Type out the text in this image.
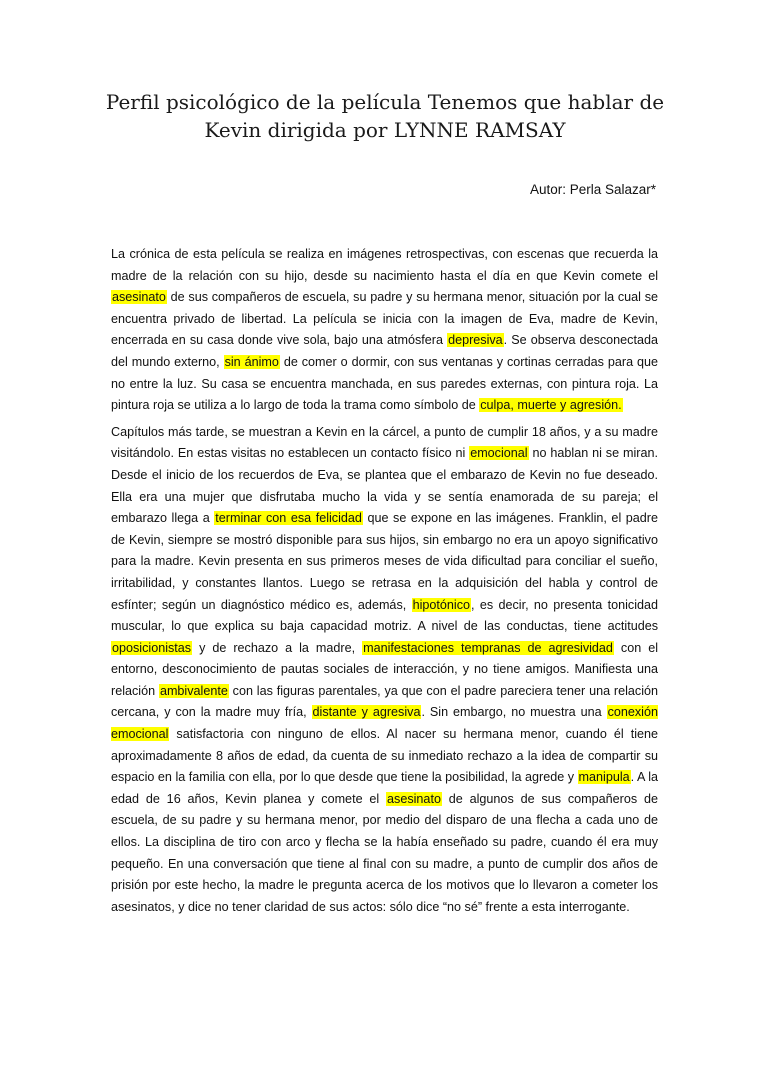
Perfil psicológico de la película Tenemos que hablar de Kevin dirigida por LYNNE RAMSAY
Autor: Perla Salazar*

La crónica de esta película se realiza en imágenes retrospectivas, con escenas que recuerda la madre de la relación con su hijo, desde su nacimiento hasta el día en que Kevin comete el asesinato de sus compañeros de escuela, su padre y su hermana menor, situación por la cual se encuentra privado de libertad. La película se inicia con la imagen de Eva, madre de Kevin, encerrada en su casa donde vive sola, bajo una atmósfera depresiva. Se observa desconectada del mundo externo, sin ánimo de comer o dormir, con sus ventanas y cortinas cerradas para que no entre la luz. Su casa se encuentra manchada, en sus paredes externas, con pintura roja. La pintura roja se utiliza a lo largo de toda la trama como símbolo de culpa, muerte y agresión.

Capítulos más tarde, se muestran a Kevin en la cárcel, a punto de cumplir 18 años, y a su madre visitándolo. En estas visitas no establecen un contacto físico ni emocional no hablan ni se miran. Desde el inicio de los recuerdos de Eva, se plantea que el embarazo de Kevin no fue deseado. Ella era una mujer que disfrutaba mucho la vida y se sentía enamorada de su pareja; el embarazo llega a terminar con esa felicidad que se expone en las imágenes. Franklin, el padre de Kevin, siempre se mostró disponible para sus hijos, sin embargo no era un apoyo significativo para la madre. Kevin presenta en sus primeros meses de vida dificultad para conciliar el sueño, irritabilidad, y constantes llantos. Luego se retrasa en la adquisición del habla y control de esfínter; según un diagnóstico médico es, además, hipotónico, es decir, no presenta tonicidad muscular, lo que explica su baja capacidad motriz. A nivel de las conductas, tiene actitudes oposicionistas y de rechazo a la madre, manifestaciones tempranas de agresividad con el entorno, desconocimiento de pautas sociales de interacción, y no tiene amigos. Manifiesta una relación ambivalente con las figuras parentales, ya que con el padre pareciera tener una relación cercana, y con la madre muy fría, distante y agresiva. Sin embargo, no muestra una conexión emocional satisfactoria con ninguno de ellos. Al nacer su hermana menor, cuando él tiene aproximadamente 8 años de edad, da cuenta de su inmediato rechazo a la idea de compartir su espacio en la familia con ella, por lo que desde que tiene la posibilidad, la agrede y manipula. A la edad de 16 años, Kevin planea y comete el asesinato de algunos de sus compañeros de escuela, de su padre y su hermana menor, por medio del disparo de una flecha a cada uno de ellos. La disciplina de tiro con arco y flecha se la había enseñado su padre, cuando él era muy pequeño. En una conversación que tiene al final con su madre, a punto de cumplir dos años de prisión por este hecho, la madre le pregunta acerca de los motivos que lo llevaron a cometer los asesinatos, y dice no tener claridad de sus actos: sólo dice “no sé” frente a esta interrogante.
